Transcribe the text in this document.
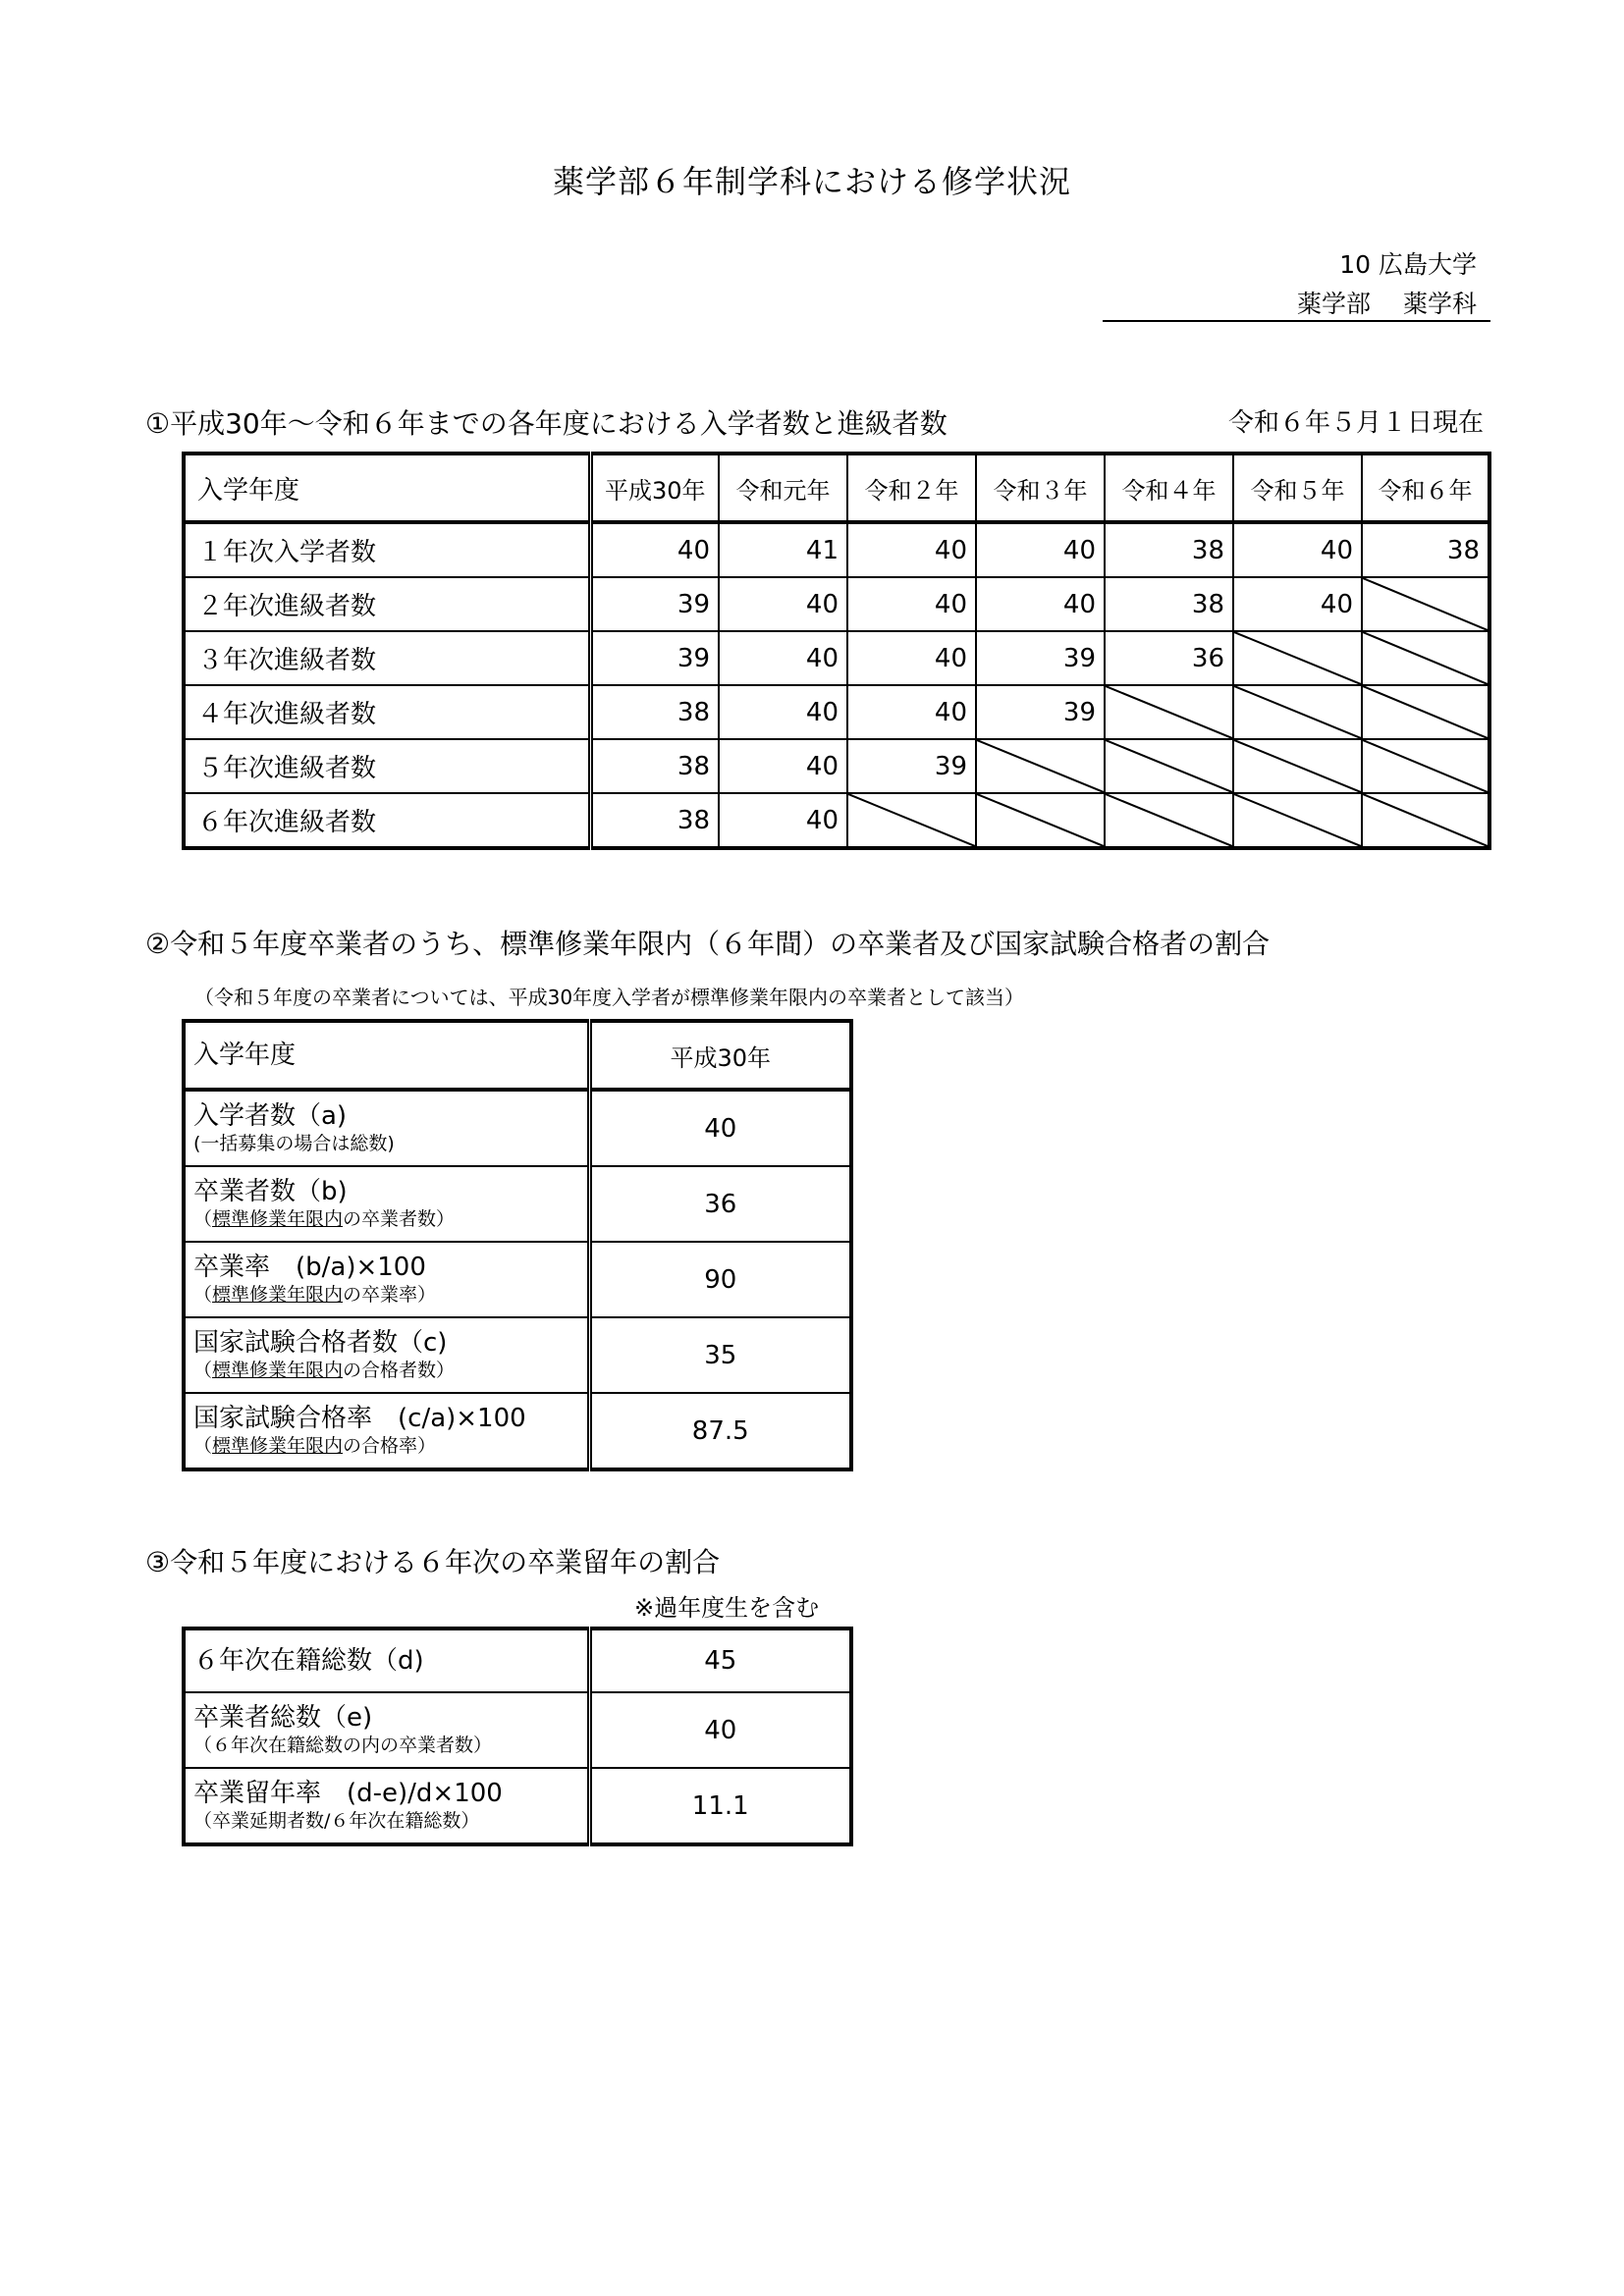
薬学部６年制学科における修学状況
10 広島大学
薬学部　 薬学科
①平成30年～令和６年までの各年度における入学者数と進級者数	令和６年５月１日現在
入学年度	平成30年	令和元年	令和２年	令和３年	令和４年	令和５年	令和６年
１年次入学者数	40	41	40	40	38	40	38
２年次進級者数	39	40	40	40	38	40	

３年次進級者数	39	40	40	39	36	

４年次進級者数	38	40	40	39	

５年次進級者数	38	40	39	

６年次進級者数	38	40	

②令和５年度卒業者のうち、標準修業年限内（６年間）の卒業者及び国家試験合格者の割合
（令和５年度の卒業者については、平成30年度入学者が標準修業年限内の卒業者として該当）
入学年度	平成30年
入学者数（a)
(一括募集の場合は総数)	40
卒業者数（b)
（標準修業年限内の卒業者数）	36
卒業率　(b/a)×100
（標準修業年限内の卒業率）	90
国家試験合格者数（c)
（標準修業年限内の合格者数）	35
国家試験合格率　(c/a)×100
（標準修業年限内の合格率）	87.5
③令和５年度における６年次の卒業留年の割合
※過年度生を含む
６年次在籍総数（d)	45
卒業者総数（e)
（６年次在籍総数の内の卒業者数）	40
卒業留年率　(d-e)/d×100
（卒業延期者数/６年次在籍総数）	11.1
